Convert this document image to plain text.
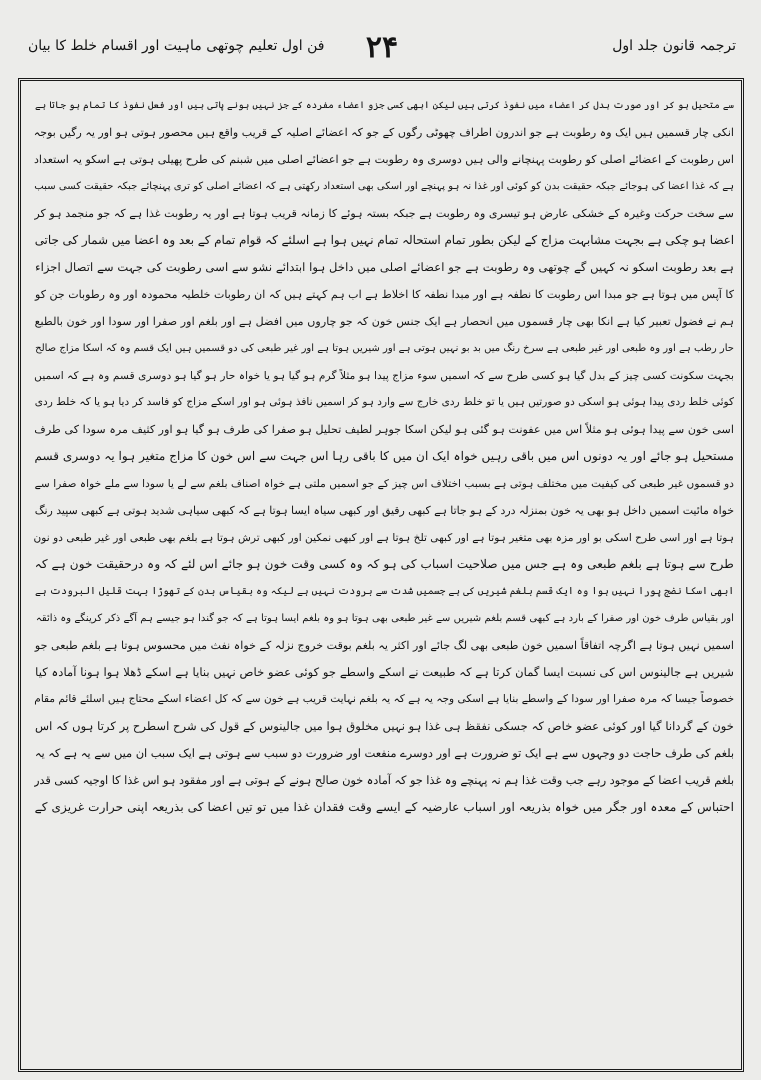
ترجمہ قانون جلد اول
۲۴
فن اول تعلیم چوتھی ماہیت اور اقسام خلط کا بیان
سے متحیل ہو کر اور صورت بدل کر اعضاء میں نفوذ کرتی ہیں لیکن ابھی کسی جزو اعضاء مفردہ کے جز نہیں ہونے پاتی ہیں اور فعل نفوذ کا تمام ہو جاتا ہے
انکی چار قسمیں ہیں ایک وہ رطوبت ہے جو اندرون اطراف چھوٹی رگوں کے جو کہ اعضائے اصلیہ کے قریب واقع ہیں محصور ہوتی ہو اور یہ رگیں بوجہ
اس رطوبت کے اعضائے اصلی کو رطوبت پہنچانے والی ہیں دوسری وہ رطوبت ہے جو اعضائے اصلی میں شبنم کی طرح پھیلی ہوتی ہے اسکو یہ استعداد
ہے کہ غذا اعضا کی ہوجائے جبکہ حقیقت بدن کو کوئی اور غذا نہ ہو پہنچے اور اسکی بھی استعداد رکھتی ہے کہ اعضائے اصلی کو تری پہنچائے جبکہ حقیقت کسی سبب
سے سخت حرکت وغیرہ کے خشکی عارض ہو تیسری وہ رطوبت ہے جبکہ بستہ ہوئے کا زمانہ قریب ہوتا ہے اور یہ رطوبت غذا ہے کہ جو منجمد ہو کر
اعضا ہو چکی ہے بجہت مشابہت مزاج کے لیکن بطور تمام استحالہ تمام نہیں ہوا ہے اسلئے کہ قوام تمام کے بعد وہ اعضا میں شمار کی جاتی
ہے بعد رطوبت اسکو نہ کہیں گے چوتھی وہ رطوبت ہے جو اعضائے اصلی میں داخل ہوا ابتدائے نشو سے اسی رطوبت کی جہت سے اتصال اجزاء
کا آپس میں ہوتا ہے جو مبدا اس رطوبت کا نطفہ ہے اور مبدا نطفہ کا اخلاط ہے اب ہم کہتے ہیں کہ ان رطوبات خلطیہ محمودہ اور وہ رطوبات جن کو
ہم نے فضول تعبیر کیا ہے انکا بھی چار قسموں میں انحصار ہے ایک جنس خون کہ جو چاروں میں افضل ہے اور بلغم اور صفرا اور سودا اور خون بالطبع
حار رطب ہے اور وہ طبعی اور غیر طبعی ہے سرخ رنگ میں بد بو نہیں ہوتی ہے اور شیریں ہوتا ہے اور غیر طبعی کی دو قسمیں ہیں ایک قسم وہ کہ اسکا مزاج صالح
بجہت سکونت کسی چیز کے بدل گیا ہو کسی طرح سے کہ اسمیں سوء مزاج پیدا ہو مثلاً گرم ہو گیا ہو یا خواہ حار ہو گیا ہو دوسری قسم وہ ہے کہ اسمیں
کوئی خلط ردی پیدا ہوئی ہو اسکی دو صورتیں ہیں یا تو خلط ردی خارج سے وارد ہو کر اسمیں نافذ ہوئی ہو اور اسکے مزاج کو فاسد کر دیا ہو یا کہ خلط ردی
اسی خون سے پیدا ہوئی ہو مثلاً اس میں عفونت ہو گئی ہو لیکن اسکا جوہر لطیف تحلیل ہو صفرا کی طرف ہو گیا ہو اور کثیف مرہ سودا کی طرف
مستحیل ہو جائے اور یہ دونوں اس میں باقی رہیں خواہ ایک ان میں کا باقی رہا اس جہت سے اس خون کا مزاج متغیر ہوا یہ دوسری قسم
دو قسموں غیر طبعی کی کیفیت میں مختلف ہوتی ہے بسبب اختلاف اس چیز کے جو اسمیں ملتی ہے خواہ اصناف بلغم سے لے یا سودا سے ملے خواہ صفرا سے
خواہ مائیت اسمیں داخل ہو بھی یہ خون بمنزلہ درد کے ہو جاتا ہے کبھی رقیق اور کبھی سیاہ ایسا ہوتا ہے کہ کبھی سیاہی شدید ہوتی ہے کبھی سپید رنگ
ہوتا ہے اور اسی طرح اسکی بو اور مزہ بھی متغیر ہوتا ہے اور کبھی تلخ ہوتا ہے اور کبھی نمکین اور کبھی ترش ہوتا ہے بلغم بھی طبعی اور غیر طبعی دو نون
طرح سے ہوتا ہے بلغم طبعی وہ ہے جس میں صلاحیت اسباب کی ہو کہ وہ کسی وقت خون ہو جائے اس لئے کہ وہ درحقیقت خون ہے کہ
ابھی اسکا نضج پورا نہیں ہوا وہ ایک قسم بلغم شیریں کی ہے جسمیں شدت سے برودت نہیں ہے لیکہ وہ بقیاس بدن کے تھوڑا بہت قلیل البرودت ہے
اور بقیاس طرف خون اور صفرا کے بارد ہے کبھی قسم بلغم شیریں سے غیر طبعی بھی ہوتا ہو وہ بلغم ایسا ہوتا ہے کہ جو گندا ہو جیسے ہم آگے ذکر کرینگے وہ ذائقہ
اسمیں نہیں ہوتا ہے اگرچہ اتفاقاً اسمیں خون طبعی بھی لگ جائے اور اکثر یہ بلغم بوقت خروج نزلہ کے خواہ نفث میں محسوس ہوتا ہے بلغم طبعی جو
شیریں ہے جالینوس اس کی نسبت ایسا گمان کرتا ہے کہ طبیعت نے اسکے واسطے جو کوئی عضو خاص نہیں بنایا ہے اسکے ڈھلا ہوا ہونا آمادہ کیا
خصوصاً جیسا کہ مرہ صفرا اور سودا کے واسطے بنایا ہے اسکی وجہ یہ ہے کہ یہ بلغم نہایت قریب ہے خون سے کہ کل اعضاء اسکے محتاج ہیں اسلئے قائم مقام
خون کے گردانا گیا اور کوئی عضو خاص کہ جسکی نفقظ ہی غذا ہو نہیں مخلوق ہوا میں جالینوس کے قول کی شرح اسطرح پر کرتا ہوں کہ اس
بلغم کی طرف حاجت دو وجہوں سے ہے ایک تو ضرورت ہے اور دوسرے منفعت اور ضرورت دو سبب سے ہوتی ہے ایک سبب ان میں سے یہ ہے کہ یہ
بلغم قریب اعضا کے موجود رہے جب وقت غذا ہم نہ پہنچے وہ غذا جو کہ آمادہ خون صالح ہونے کے ہوتی ہے اور مفقود ہو اس غذا کا اوجیہ کسی قدر
احتباس کے معدہ اور جگر میں خواہ بذریعہ اور اسباب عارضیہ کے ایسے وقت فقدان غذا میں تو تیں اعضا کی بذریعہ اپنی حرارت غریزی کے
